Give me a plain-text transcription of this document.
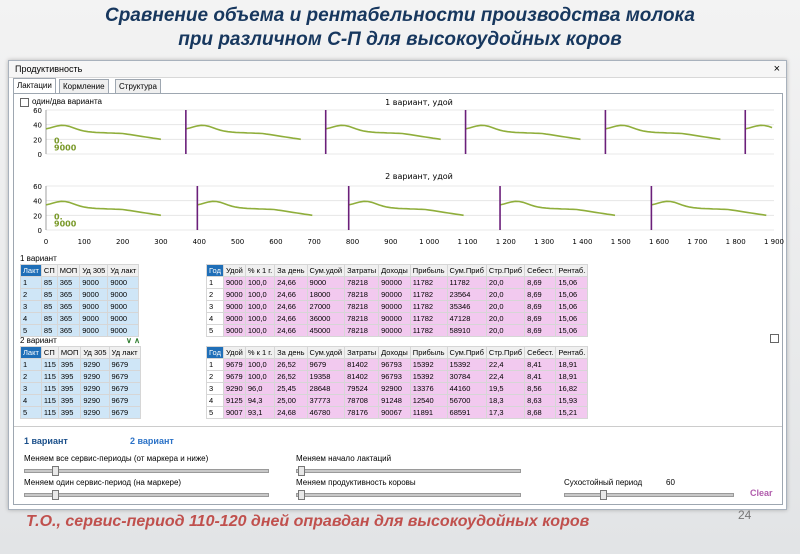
Сравнение объема и рентабельности производства молока
при различном С-П для высокоудойных коров
Продуктивность	×
Лактации	Кормление	Структура
один/два варианта	1 вариант, удой
2 вариант, удой
60
40
20
0
0.
9000
60
40
20
0
0.
9000
0	100	200	300	400	500	600	700	800	900	1 000	1 100	1 200	1 300	1 400	1 500	1 600	1 700	1 800	1 900
1 вариант
Лакт	СП	МОП	Уд 305	Уд лакт
1	85	365	9000	9000
2	85	365	9000	9000
3	85	365	9000	9000
4	85	365	9000	9000
5	85	365	9000	9000
Год	Удой	% к 1 г.	За день	Сум.удой	Затраты	Доходы	Прибыль	Сум.Приб	Стр.Приб	Себест.	Рентаб.
1	9000	100,0	24,66	9000	78218	90000	11782	11782	20,0	8,69	15,06
2	9000	100,0	24,66	18000	78218	90000	11782	23564	20,0	8,69	15,06
3	9000	100,0	24,66	27000	78218	90000	11782	35346	20,0	8,69	15,06
4	9000	100,0	24,66	36000	78218	90000	11782	47128	20,0	8,69	15,06
5	9000	100,0	24,66	45000	78218	90000	11782	58910	20,0	8,69	15,06
2 вариант	∨ ∧
Лакт	СП	МОП	Уд 305	Уд лакт
1	115	395	9290	9679
2	115	395	9290	9679
3	115	395	9290	9679
4	115	395	9290	9679
5	115	395	9290	9679
Год	Удой	% к 1 г.	За день	Сум.удой	Затраты	Доходы	Прибыль	Сум.Приб	Стр.Приб	Себест.	Рентаб.
1	9679	100,0	26,52	9679	81402	96793	15392	15392	22,4	8,41	18,91
2	9679	100,0	26,52	19358	81402	96793	15392	30784	22,4	8,41	18,91
3	9290	96,0	25,45	28648	79524	92900	13376	44160	19,5	8,56	16,82
4	9125	94,3	25,00	37773	78708	91248	12540	56700	18,3	8,63	15,93
5	9007	93,1	24,68	46780	78176	90067	11891	68591	17,3	8,68	15,21
1 вариант	2 вариант
Меняем все сервис-периоды (от маркера и ниже)	Меняем начало лактаций
Меняем один сервис-период (на маркере)	Меняем продуктивность коровы	Сухостойный период	60
Clear
Т.О., сервис-период 110-120 дней оправдан для высокоудойных коров	24
